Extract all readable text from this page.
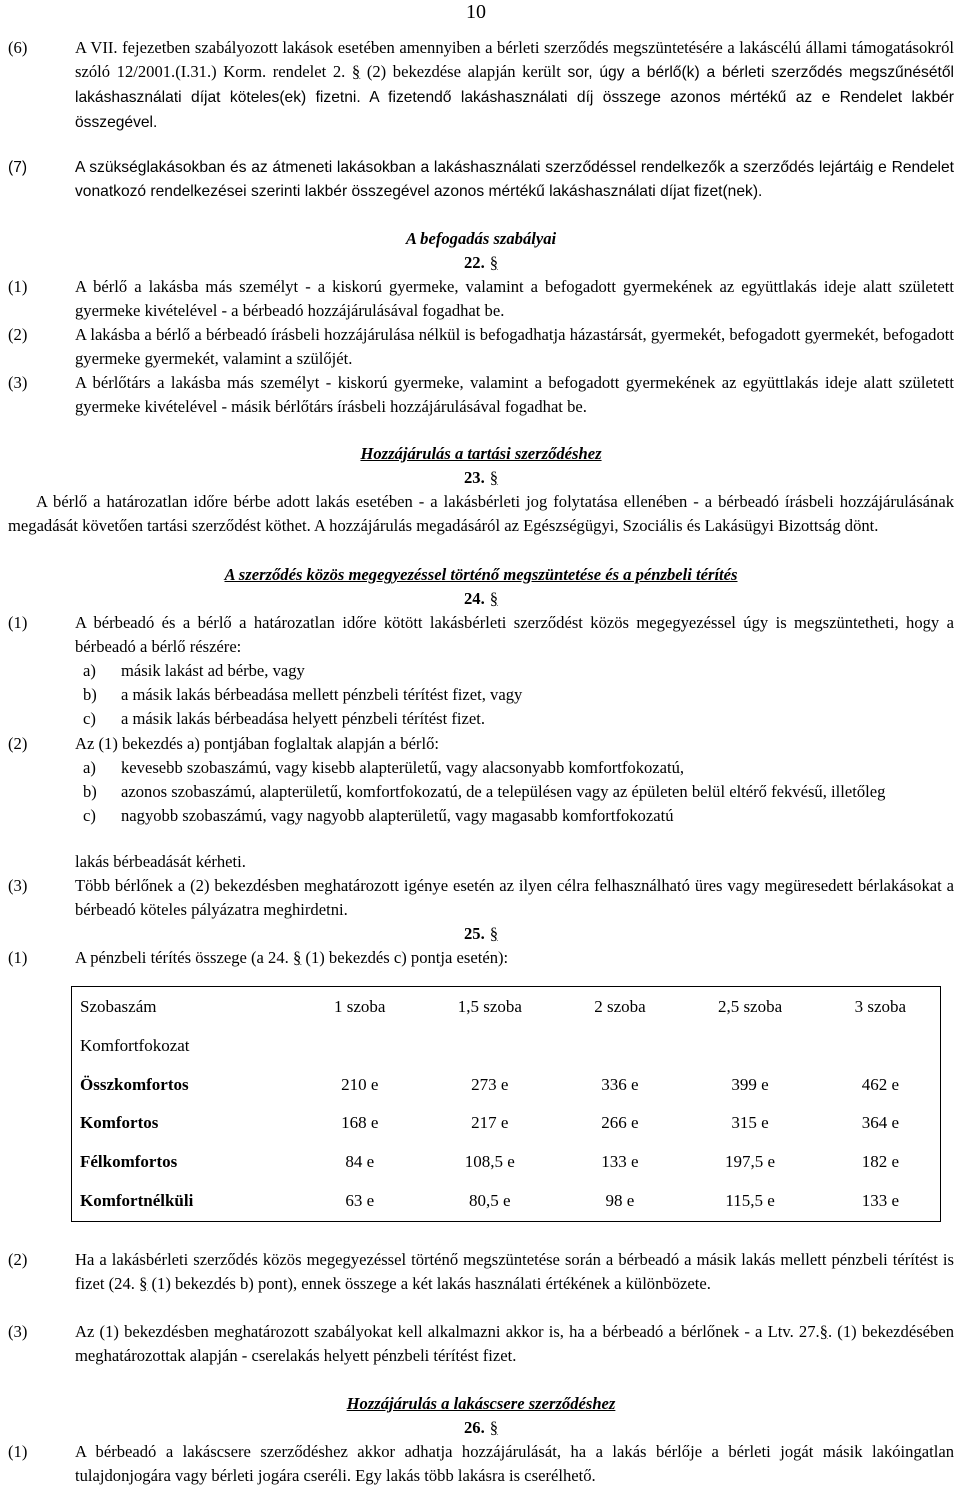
10
(6)	A VII. fejezetben szabályozott lakások esetében amennyiben a bérleti szerződés megszüntetésére a lakáscélú állami támogatásokról szóló 12/2001.(I.31.) Korm. rendelet 2. § (2) bekezdése alapján került sor, úgy a bérlő(k) a bérleti szerződés megszűnésétől lakáshasználati díjat köteles(ek) fizetni. A fizetendő lakáshasználati díj összege azonos mértékű az e Rendelet lakbér összegével.
(7)	A szükséglakásokban és az átmeneti lakásokban a lakáshasználati szerződéssel rendelkezők a szerződés lejártáig e Rendelet vonatkozó rendelkezései szerinti lakbér összegével azonos mértékű lakáshasználati díjat fizet(nek).
A befogadás szabályai
22. §
(1)	A bérlő a lakásba más személyt - a kiskorú gyermeke, valamint a befogadott gyermekének az együttlakás ideje alatt született gyermeke kivételével - a bérbeadó hozzájárulásával fogadhat be.
(2)	A lakásba a bérlő a bérbeadó írásbeli hozzájárulása nélkül is befogadhatja házastársát, gyermekét, befogadott gyermekét, befogadott gyermeke gyermekét, valamint a szülőjét.
(3)	A bérlőtárs a lakásba más személyt - kiskorú gyermeke, valamint a befogadott gyermekének az együttlakás ideje alatt született gyermeke kivételével - másik bérlőtárs írásbeli hozzájárulásával fogadhat be.
Hozzájárulás a tartási szerződéshez
23. §
A bérlő a határozatlan időre bérbe adott lakás esetében - a lakásbérleti jog folytatása ellenében - a bérbeadó írásbeli hozzájárulásának megadását követően tartási szerződést köthet. A hozzájárulás megadásáról az Egészségügyi, Szociális és Lakásügyi Bizottság dönt.
A szerződés közös megegyezéssel történő megszüntetése és a pénzbeli térítés
24. §
(1)	A bérbeadó és a bérlő a határozatlan időre kötött lakásbérleti szerződést közös megegyezéssel úgy is megszüntetheti, hogy a bérbeadó a bérlő részére:
a)	másik lakást ad bérbe, vagy
b)	a másik lakás bérbeadása mellett pénzbeli térítést fizet, vagy
c)	a másik lakás bérbeadása helyett pénzbeli térítést fizet.
(2)	Az (1) bekezdés a) pontjában foglaltak alapján a bérlő:
a)	kevesebb szobaszámú, vagy kisebb alapterületű, vagy alacsonyabb komfortfokozatú,
b)	azonos szobaszámú, alapterületű, komfortfokozatú, de a településen vagy az épületen belül eltérő fekvésű, illetőleg
c)	nagyobb szobaszámú, vagy nagyobb alapterületű, vagy magasabb komfortfokozatú
lakás bérbeadását kérheti.
(3)	Több bérlőnek a (2) bekezdésben meghatározott igénye esetén az ilyen célra felhasználható üres vagy megüresedett bérlakásokat a bérbeadó köteles pályázatra meghirdetni.
25. §
(1)	A pénzbeli térítés összege (a 24. § (1) bekezdés c) pontja esetén):
Szobaszám	1 szoba	1,5 szoba	2 szoba	2,5 szoba	3 szoba
Komfortfokozat					
Összkomfortos	210 e	273 e	336 e	399 e	462 e
Komfortos	168 e	217 e	266 e	315 e	364 e
Félkomfortos	84 e	108,5 e	133 e	197,5 e	182 e
Komfortnélküli	63 e	80,5 e	98 e	115,5 e	133 e
(2)	Ha a lakásbérleti szerződés közös megegyezéssel történő megszüntetése során a bérbeadó a másik lakás mellett pénzbeli térítést is fizet (24. § (1) bekezdés b) pont), ennek összege a két lakás használati értékének a különbözete.
(3)	Az (1) bekezdésben meghatározott szabályokat kell alkalmazni akkor is, ha a bérbeadó a bérlőnek - a Ltv. 27.§. (1) bekezdésében meghatározottak alapján - cserelakás helyett pénzbeli térítést fizet.
Hozzájárulás a lakáscsere szerződéshez
26. §
(1)	A bérbeadó a lakáscsere szerződéshez akkor adhatja hozzájárulását, ha a lakás bérlője a bérleti jogát másik lakóingatlan tulajdonjogára vagy bérleti jogára cseréli. Egy lakás több lakásra is cserélhető.
